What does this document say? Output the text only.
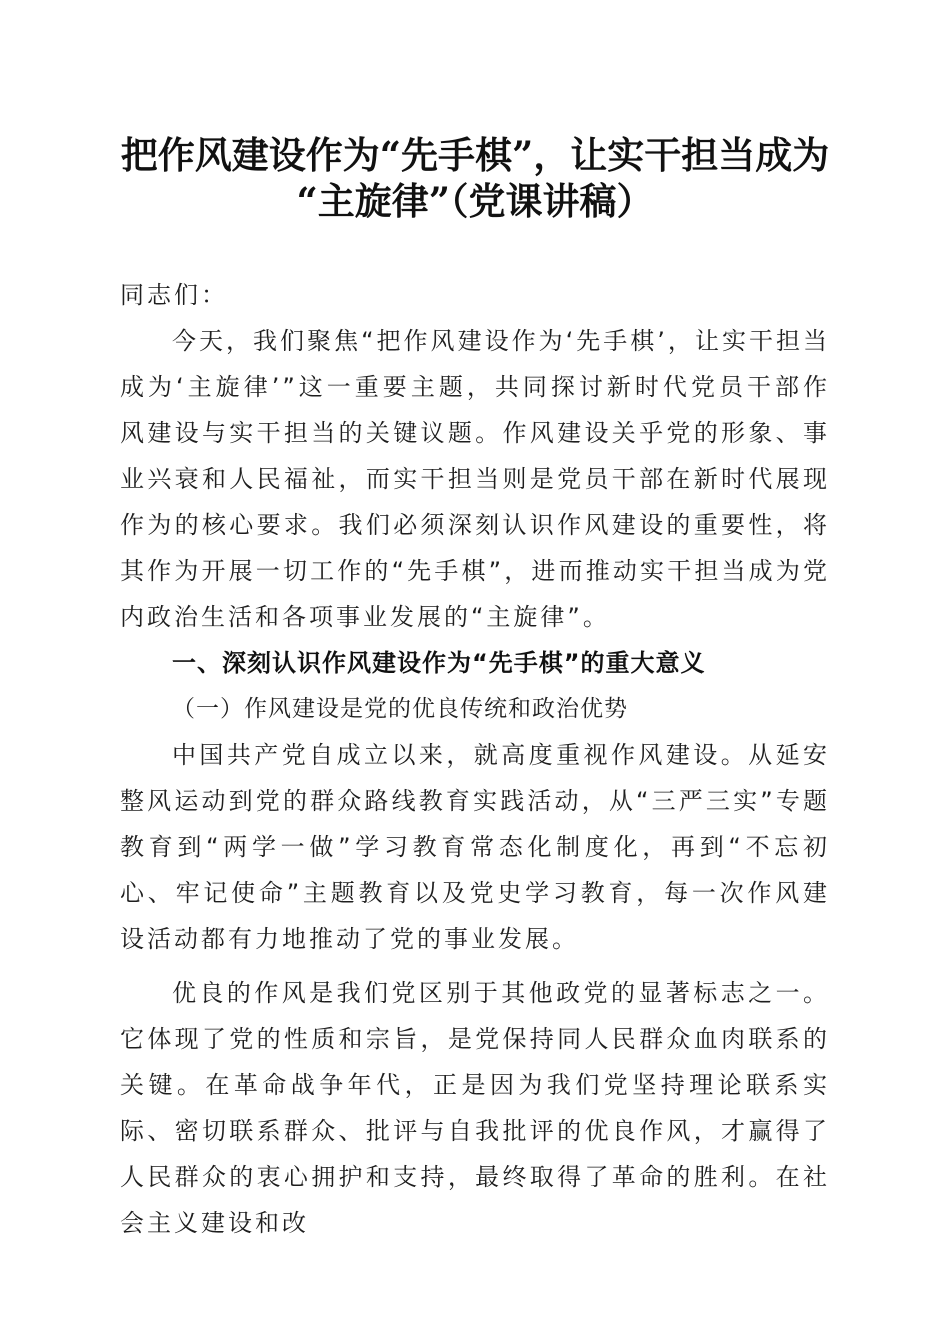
把作风建设作为“先手棋”，让实干担当成为
“主旋律”（党课讲稿）

同志们：

今天，我们聚焦“把作风建设作为‘先手棋’，让实干担当成为‘主旋律’”这一重要主题，共同探讨新时代党员干部作风建设与实干担当的关键议题。作风建设关乎党的形象、事业兴衰和人民福祉，而实干担当则是党员干部在新时代展现作为的核心要求。我们必须深刻认识作风建设的重要性，将其作为开展一切工作的“先手棋”，进而推动实干担当成为党内政治生活和各项事业发展的“主旋律”。

一、深刻认识作风建设作为“先手棋”的重大意义

（一）作风建设是党的优良传统和政治优势

中国共产党自成立以来，就高度重视作风建设。从延安整风运动到党的群众路线教育实践活动，从“三严三实”专题教育到“两学一做”学习教育常态化制度化，再到“不忘初心、牢记使命”主题教育以及党史学习教育，每一次作风建设活动都有力地推动了党的事业发展。

优良的作风是我们党区别于其他政党的显著标志之一。它体现了党的性质和宗旨，是党保持同人民群众血肉联系的关键。在革命战争年代，正是因为我们党坚持理论联系实际、密切联系群众、批评与自我批评的优良作风，才赢得了人民群众的衷心拥护和支持，最终取得了革命的胜利。在社会主义建设和改
